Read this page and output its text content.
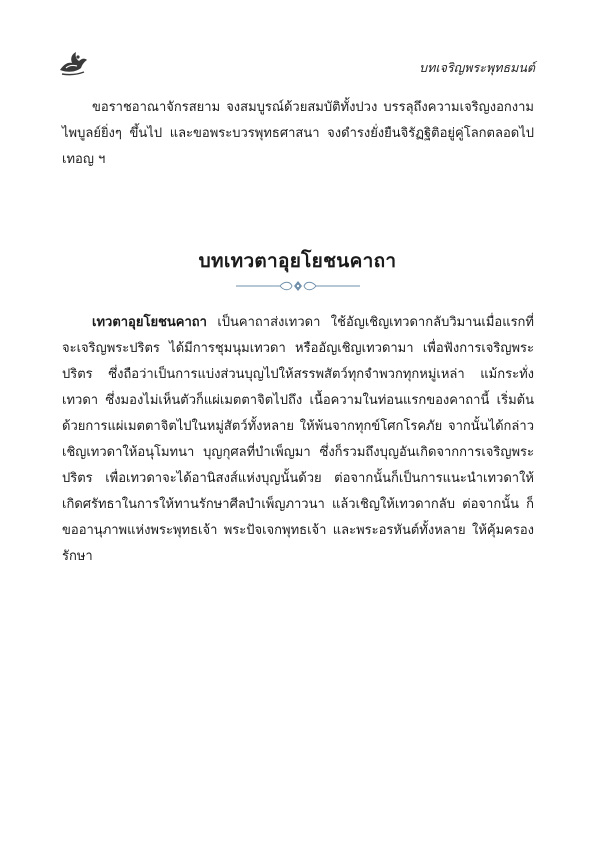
บทเจริญพระพุทธมนต์

ขอราชอาณาจักรสยาม จงสมบูรณ์ด้วยสมบัติทั้งปวง บรรลุถึงความเจริญงอกงามไพบูลย์ยิ่งๆ ขึ้นไป และขอพระบวรพุทธศาสนา จงดำรงยั่งยืนจิรัฏฐิติอยู่คู่โลกตลอดไป เทอญ ฯ

บทเทวตาอุยโยชนคาถา

เทวตาอุยโยชนคาถา เป็นคาถาส่งเทวดา ใช้อัญเชิญเทวดากลับวิมานเมื่อแรกที่จะเจริญพระปริตร ได้มีการชุมนุมเทวดา หรืออัญเชิญเทวดามา เพื่อฟังการเจริญพระปริตร ซึ่งถือว่าเป็นการแบ่งส่วนบุญไปให้สรรพสัตว์ทุกจำพวกทุกหมู่เหล่า แม้กระทั่งเทวดา ซึ่งมองไม่เห็นตัวก็แผ่เมตตาจิตไปถึง เนื้อความในท่อนแรกของคาถานี้ เริ่มต้นด้วยการแผ่เมตตาจิตไปในหมู่สัตว์ทั้งหลาย ให้พ้นจากทุกข์โศกโรคภัย จากนั้นได้กล่าวเชิญเทวดาให้อนุโมทนา บุญกุศลที่บำเพ็ญมา ซึ่งก็รวมถึงบุญอันเกิดจากการเจริญพระปริตร เพื่อเทวดาจะได้อานิสงส์แห่งบุญนั้นด้วย ต่อจากนั้นก็เป็นการแนะนำเทวดาให้เกิดศรัทธาในการให้ทานรักษาศีลบำเพ็ญภาวนา แล้วเชิญให้เทวดากลับ ต่อจากนั้น ก็ขออานุภาพแห่งพระพุทธเจ้า พระปัจเจกพุทธเจ้า และพระอรหันต์ทั้งหลาย ให้คุ้มครองรักษา
